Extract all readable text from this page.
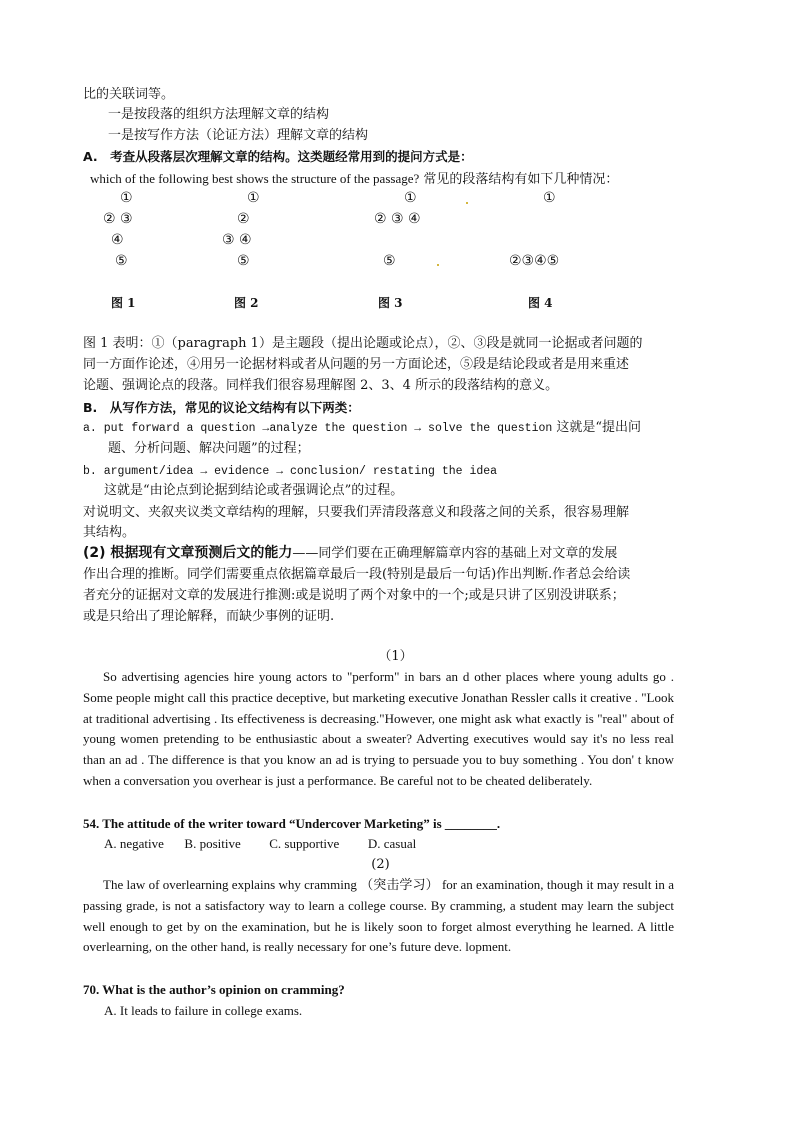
比的关联词等。
一是按段落的组织方法理解文章的结构
一是按写作方法（论证方法）理解文章的结构
A.　考查从段落层次理解文章的结构。这类题经常用到的提问方式是：
which of the following best shows the structure of the passage? 常见的段落结构有如下几种情况：
①
② ③
④
⑤
图 1
①
②
③ ④
⑤
图 2
①
② ③ ④
⑤
图 3
①
②③④⑤
图 4
图 1 表明：①（paragraph 1）是主题段（提出论题或论点），②、③段是就同一论据或者问题的
同一方面作论述，④用另一论据材料或者从问题的另一方面论述，⑤段是结论段或者是用来重述
论题、强调论点的段落。同样我们很容易理解图 2、3、4 所示的段落结构的意义。
B.　从写作方法，常见的议论文结构有以下两类：
a. put forward a question →analyze the question → solve the question 这就是“提出问
题、分析问题、解决问题”的过程；
b. argument/idea → evidence → conclusion/ restating the idea
这就是“由论点到论据到结论或者强调论点”的过程。
对说明文、夹叙夹议类文章结构的理解，只要我们弄清段落意义和段落之间的关系，很容易理解
其结构。
(2) 根据现有文章预测后文的能力——同学们要在正确理解篇章内容的基础上对文章的发展
作出合理的推断。同学们需要重点依据篇章最后一段(特别是最后一句话)作出判断.作者总会给读
者充分的证据对文章的发展进行推测:或是说明了两个对象中的一个;或是只讲了区别没讲联系；
或是只给出了理论解释，而缺少事例的证明.
（1）
So advertising agencies hire young actors to "perform" in bars an d other places where young adults go . Some people might call this practice deceptive, but marketing executive Jonathan Ressler calls it creative . "Look at traditional advertising . Its effectiveness is decreasing."However, one might ask what exactly is "real" about of young women pretending to be enthusiastic about a sweater? Adverting executives would say it's no less real than an ad . The difference is that you know an ad is trying to persuade you to buy something . You don' t know when a conversation you overhear is just a performance. Be careful not to be cheated deliberately.
54. The attitude of the writer toward “Undercover Marketing” is ________.
A. negative B. positive C. supportive D. casual
(2)
The law of overlearning explains why cramming （突击学习） for an examination, though it may result in a passing grade, is not a satisfactory way to learn a college course. By cramming, a student may learn the subject well enough to get by on the examination, but he is likely soon to forget almost everything he learned. A little overlearning, on the other hand, is really necessary for one’s future deve. lopment.
70. What is the author’s opinion on cramming?
A. It leads to failure in college exams.
